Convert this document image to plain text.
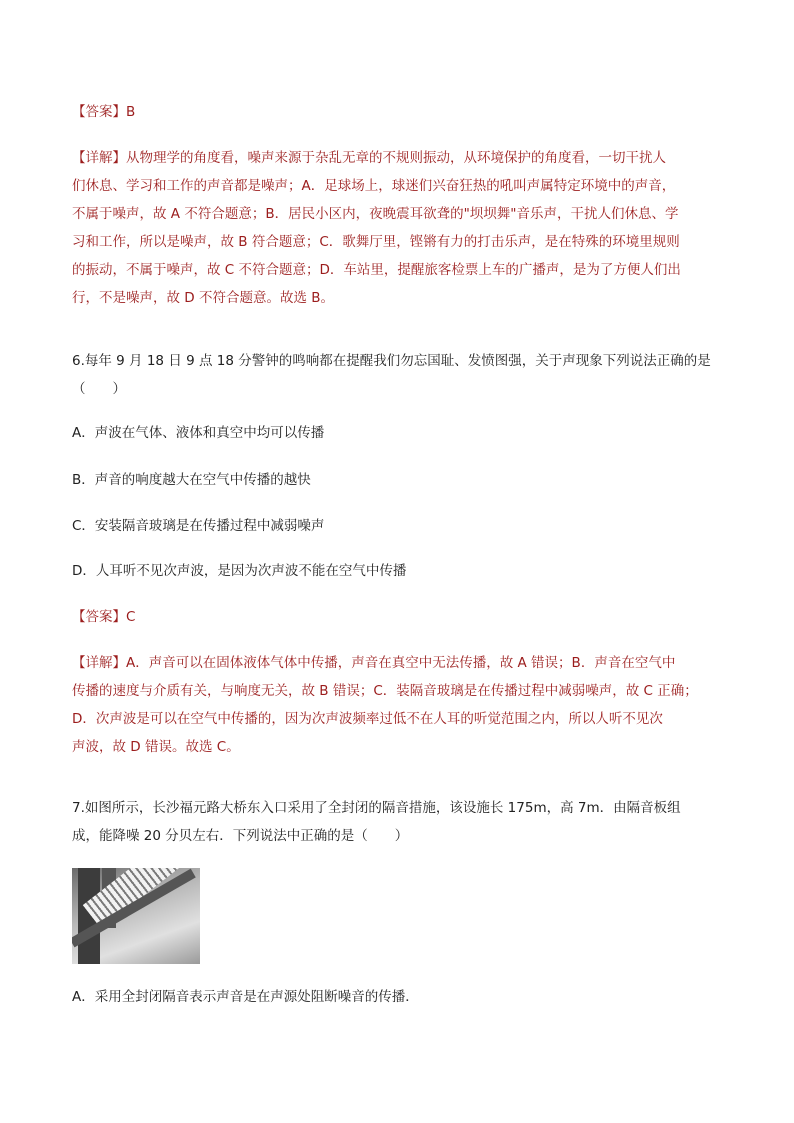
【答案】B

【详解】从物理学的角度看，噪声来源于杂乱无章的不规则振动，从环境保护的角度看，一切干扰人
们休息、学习和工作的声音都是噪声；A．足球场上，球迷们兴奋狂热的吼叫声属特定环境中的声音，
不属于噪声，故 A 不符合题意；B．居民小区内，夜晚震耳欲聋的"坝坝舞"音乐声，干扰人们休息、学
习和工作，所以是噪声，故 B 符合题意；C．歌舞厅里，铿锵有力的打击乐声，是在特殊的环境里规则
的振动，不属于噪声，故 C 不符合题意；D．车站里，提醒旅客检票上车的广播声，是为了方便人们出
行，不是噪声，故 D 不符合题意。故选 B。
6.每年 9 月 18 日 9 点 18 分警钟的鸣响都在提醒我们勿忘国耻、发愤图强，关于声现象下列说法正确的是
（　　）

A．声波在气体、液体和真空中均可以传播

B．声音的响度越大在空气中传播的越快

C．安装隔音玻璃是在传播过程中减弱噪声

D．人耳听不见次声波，是因为次声波不能在空气中传播

【答案】C

【详解】A．声音可以在固体液体气体中传播，声音在真空中无法传播，故 A 错误；B．声音在空气中
传播的速度与介质有关，与响度无关，故 B 错误；C．装隔音玻璃是在传播过程中减弱噪声，故 C 正确；
D．次声波是可以在空气中传播的，因为次声波频率过低不在人耳的听觉范围之内，所以人听不见次
声波，故 D 错误。故选 C。
7.如图所示，长沙福元路大桥东入口采用了全封闭的隔音措施，该设施长 175m，高 7m．由隔音板组
成，能降噪 20 分贝左右．下列说法中正确的是（　　）

A．采用全封闭隔音表示声音是在声源处阻断噪音的传播．
